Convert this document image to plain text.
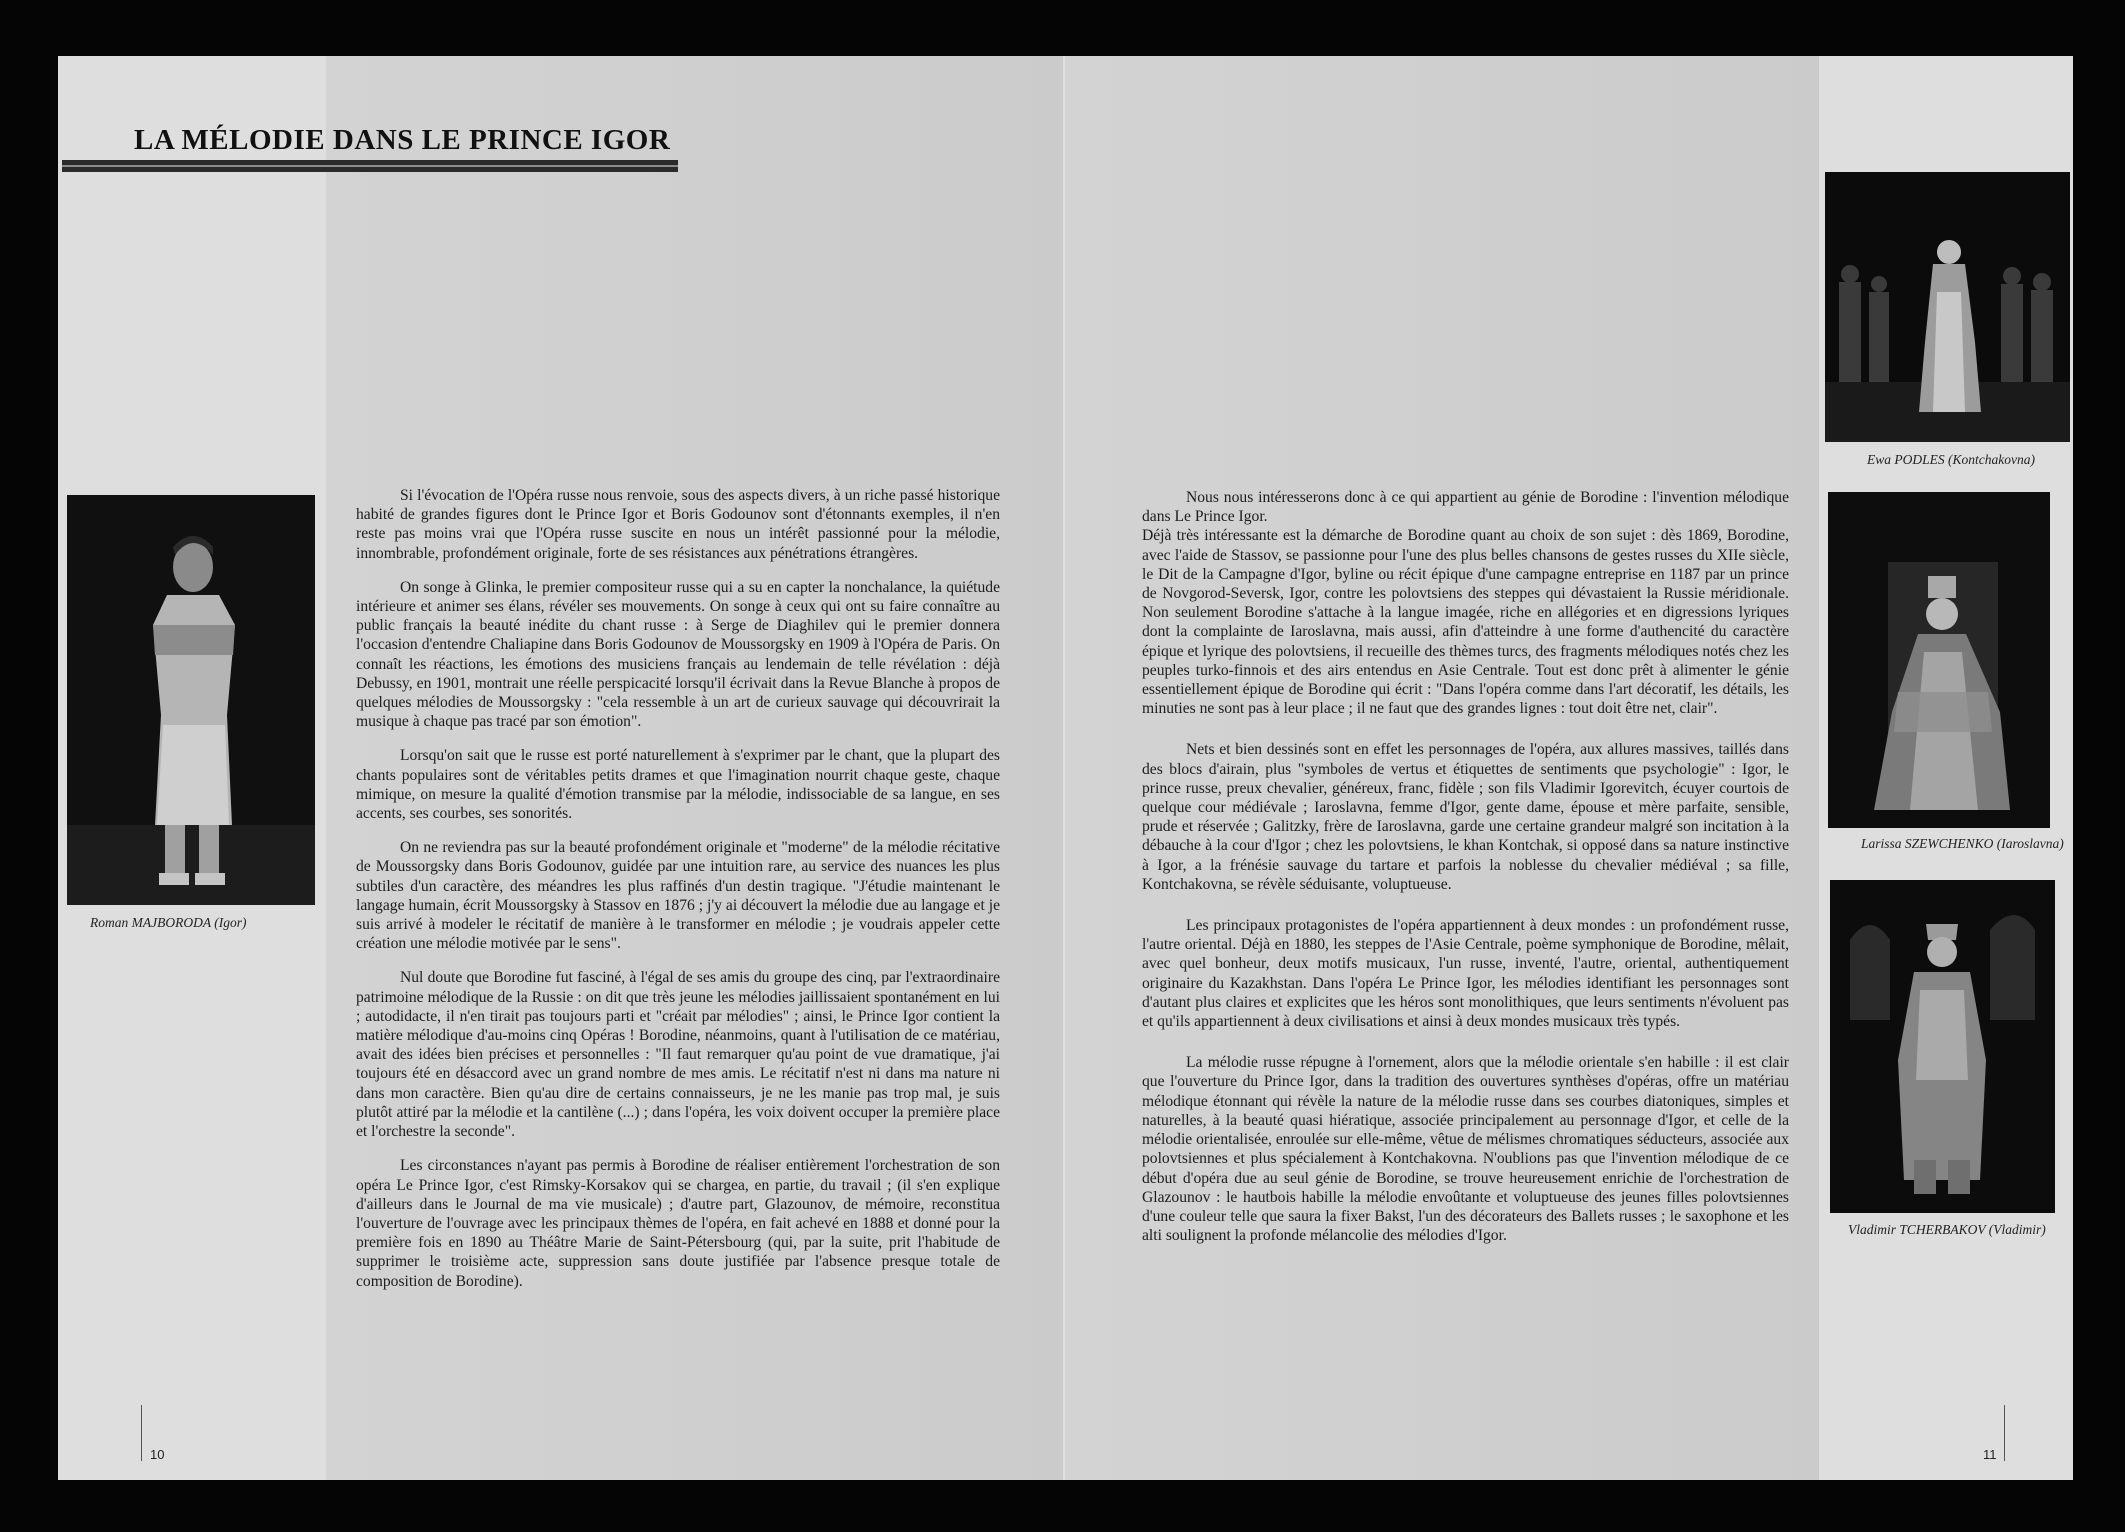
LA MÉLODIE DANS LE PRINCE IGOR

Roman MAJBORODA (Igor)

Si l'évocation de l'Opéra russe nous renvoie, sous des aspects divers, à un riche passé historique habité de grandes figures dont le Prince Igor et Boris Godounov sont d'étonnants exemples, il n'en reste pas moins vrai que l'Opéra russe suscite en nous un intérêt passionné pour la mélodie, innombrable, profondément originale, forte de ses résistances aux pénétrations étrangères.

On songe à Glinka, le premier compositeur russe qui a su en capter la nonchalance, la quiétude intérieure et animer ses élans, révéler ses mouvements. On songe à ceux qui ont su faire connaître au public français la beauté inédite du chant russe : à Serge de Diaghilev qui le premier donnera l'occasion d'entendre Chaliapine dans Boris Godounov de Moussorgsky en 1909 à l'Opéra de Paris. On connaît les réactions, les émotions des musiciens français au lendemain de telle révélation : déjà Debussy, en 1901, montrait une réelle perspicacité lorsqu'il écrivait dans la Revue Blanche à propos de quelques mélodies de Moussorgsky : "cela ressemble à un art de curieux sauvage qui découvrirait la musique à chaque pas tracé par son émotion".

Lorsqu'on sait que le russe est porté naturellement à s'exprimer par le chant, que la plupart des chants populaires sont de véritables petits drames et que l'imagination nourrit chaque geste, chaque mimique, on mesure la qualité d'émotion transmise par la mélodie, indissociable de sa langue, en ses accents, ses courbes, ses sonorités.

On ne reviendra pas sur la beauté profondément originale et "moderne" de la mélodie récitative de Moussorgsky dans Boris Godounov, guidée par une intuition rare, au service des nuances les plus subtiles d'un caractère, des méandres les plus raffinés d'un destin tragique. "J'étudie maintenant le langage humain, écrit Moussorgsky à Stassov en 1876 ; j'y ai découvert la mélodie due au langage et je suis arrivé à modeler le récitatif de manière à le transformer en mélodie ; je voudrais appeler cette création une mélodie motivée par le sens".

Nul doute que Borodine fut fasciné, à l'égal de ses amis du groupe des cinq, par l'extraordinaire patrimoine mélodique de la Russie : on dit que très jeune les mélodies jaillissaient spontanément en lui ; autodidacte, il n'en tirait pas toujours parti et "créait par mélodies" ; ainsi, le Prince Igor contient la matière mélodique d'au-moins cinq Opéras ! Borodine, néanmoins, quant à l'utilisation de ce matériau, avait des idées bien précises et personnelles : "Il faut remarquer qu'au point de vue dramatique, j'ai toujours été en désaccord avec un grand nombre de mes amis. Le récitatif n'est ni dans ma nature ni dans mon caractère. Bien qu'au dire de certains connaisseurs, je ne les manie pas trop mal, je suis plutôt attiré par la mélodie et la cantilène (...) ; dans l'opéra, les voix doivent occuper la première place et l'orchestre la seconde".

Les circonstances n'ayant pas permis à Borodine de réaliser entièrement l'orchestration de son opéra Le Prince Igor, c'est Rimsky-Korsakov qui se chargea, en partie, du travail ; (il s'en explique d'ailleurs dans le Journal de ma vie musicale) ; d'autre part, Glazounov, de mémoire, reconstitua l'ouverture de l'ouvrage avec les principaux thèmes de l'opéra, en fait achevé en 1888 et donné pour la première fois en 1890 au Théâtre Marie de Saint-Pétersbourg (qui, par la suite, prit l'habitude de supprimer le troisième acte, suppression sans doute justifiée par l'absence presque totale de composition de Borodine).

10

Nous nous intéresserons donc à ce qui appartient au génie de Borodine : l'invention mélodique dans Le Prince Igor.

Déjà très intéressante est la démarche de Borodine quant au choix de son sujet : dès 1869, Borodine, avec l'aide de Stassov, se passionne pour l'une des plus belles chansons de gestes russes du XIIe siècle, le Dit de la Campagne d'Igor, byline ou récit épique d'une campagne entreprise en 1187 par un prince de Novgorod-Seversk, Igor, contre les polovtsiens des steppes qui dévastaient la Russie méridionale. Non seulement Borodine s'attache à la langue imagée, riche en allégories et en digressions lyriques dont la complainte de Iaroslavna, mais aussi, afin d'atteindre à une forme d'authencité du caractère épique et lyrique des polovtsiens, il recueille des thèmes turcs, des fragments mélodiques notés chez les peuples turko-finnois et des airs entendus en Asie Centrale. Tout est donc prêt à alimenter le génie essentiellement épique de Borodine qui écrit : "Dans l'opéra comme dans l'art décoratif, les détails, les minuties ne sont pas à leur place ; il ne faut que des grandes lignes : tout doit être net, clair".

Nets et bien dessinés sont en effet les personnages de l'opéra, aux allures massives, taillés dans des blocs d'airain, plus "symboles de vertus et étiquettes de sentiments que psychologie" : Igor, le prince russe, preux chevalier, généreux, franc, fidèle ; son fils Vladimir Igorevitch, écuyer courtois de quelque cour médiévale ; Iaroslavna, femme d'Igor, gente dame, épouse et mère parfaite, sensible, prude et réservée ; Galitzky, frère de Iaroslavna, garde une certaine grandeur malgré son incitation à la débauche à la cour d'Igor ; chez les polovtsiens, le khan Kontchak, si opposé dans sa nature instinctive à Igor, a la frénésie sauvage du tartare et parfois la noblesse du chevalier médiéval ; sa fille, Kontchakovna, se révèle séduisante, voluptueuse.

Les principaux protagonistes de l'opéra appartiennent à deux mondes : un profondément russe, l'autre oriental. Déjà en 1880, les steppes de l'Asie Centrale, poème symphonique de Borodine, mêlait, avec quel bonheur, deux motifs musicaux, l'un russe, inventé, l'autre, oriental, authentiquement originaire du Kazakhstan. Dans l'opéra Le Prince Igor, les mélodies identifiant les personnages sont d'autant plus claires et explicites que les héros sont monolithiques, que leurs sentiments n'évoluent pas et qu'ils appartiennent à deux civilisations et ainsi à deux mondes musicaux très typés.

La mélodie russe répugne à l'ornement, alors que la mélodie orientale s'en habille : il est clair que l'ouverture du Prince Igor, dans la tradition des ouvertures synthèses d'opéras, offre un matériau mélodique étonnant qui révèle la nature de la mélodie russe dans ses courbes diatoniques, simples et naturelles, à la beauté quasi hiératique, associée principalement au personnage d'Igor, et celle de la mélodie orientalisée, enroulée sur elle-même, vêtue de mélismes chromatiques séducteurs, associée aux polovtsiennes et plus spécialement à Kontchakovna. N'oublions pas que l'invention mélodique de ce début d'opéra due au seul génie de Borodine, se trouve heureusement enrichie de l'orchestration de Glazounov : le hautbois habille la mélodie envoûtante et voluptueuse des jeunes filles polovtsiennes d'une couleur telle que saura la fixer Bakst, l'un des décorateurs des Ballets russes ; le saxophone et les alti soulignent la profonde mélancolie des mélodies d'Igor.

Ewa PODLES (Kontchakovna)

Larissa SZEWCHENKO (Iaroslavna)

Vladimir TCHERBAKOV (Vladimir)

11
